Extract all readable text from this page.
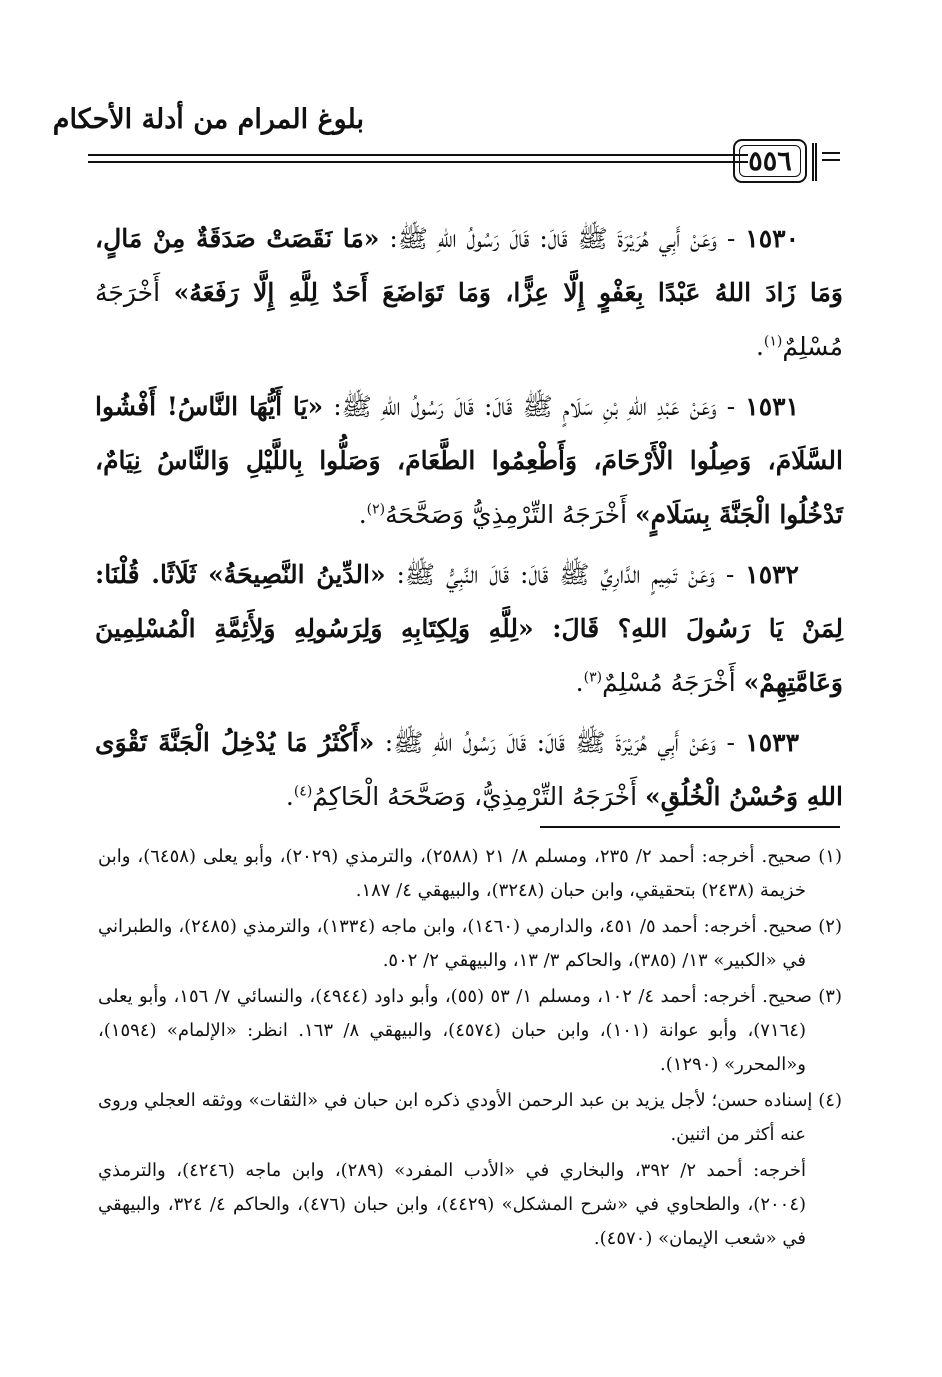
بلوغ المرام من أدلة الأحكام
٥٥٦

١٥٣٠ - وَعَنْ أَبِي هُرَيْرَةَ ﷺ قَالَ: قَالَ رَسُولُ اللهِ ﷺ: «مَا نَقَصَتْ صَدَقَةٌ مِنْ مَالٍ، وَمَا زَادَ اللهُ عَبْدًا بِعَفْوٍ إِلَّا عِزًّا، وَمَا تَوَاضَعَ أَحَدٌ لِلَّهِ إِلَّا رَفَعَهُ» أَخْرَجَهُ مُسْلِمٌ$^{(١)}$.

١٥٣١ - وَعَنْ عَبْدِ اللهِ بْنِ سَلَامٍ ﷺ قَالَ: قَالَ رَسُولُ اللهِ ﷺ: «يَا أَيُّهَا النَّاسُ! أَفْشُوا السَّلَامَ، وَصِلُوا الْأَرْحَامَ، وَأَطْعِمُوا الطَّعَامَ، وَصَلُّوا بِاللَّيْلِ وَالنَّاسُ نِيَامٌ، تَدْخُلُوا الْجَنَّةَ بِسَلَامٍ» أَخْرَجَهُ التِّرْمِذِيُّ وَصَحَّحَهُ$^{(٢)}$.

١٥٣٢ - وَعَنْ تَمِيمٍ الدَّارِيِّ ﷺ قَالَ: قَالَ النَّبِيُّ ﷺ: «الدِّينُ النَّصِيحَةُ» ثَلَاثًا. قُلْنَا: لِمَنْ يَا رَسُولَ اللهِ؟ قَالَ: «لِلَّهِ وَلِكِتَابِهِ وَلِرَسُولِهِ وَلِأَئِمَّةِ الْمُسْلِمِينَ وَعَامَّتِهِمْ» أَخْرَجَهُ مُسْلِمٌ$^{(٣)}$.

١٥٣٣ - وَعَنْ أَبِي هُرَيْرَةَ ﷺ قَالَ: قَالَ رَسُولُ اللهِ ﷺ: «أَكْثَرُ مَا يُدْخِلُ الْجَنَّةَ تَقْوَى اللهِ وَحُسْنُ الْخُلُقِ» أَخْرَجَهُ التِّرْمِذِيُّ، وَصَحَّحَهُ الْحَاكِمُ$^{(٤)}$.

(١) صحيح. أخرجه: أحمد ٢/ ٢٣٥، ومسلم ٨/ ٢١ (٢٥٨٨)، والترمذي (٢٠٢٩)، وأبو يعلى (٦٤٥٨)، وابن خزيمة (٢٤٣٨) بتحقيقي، وابن حبان (٣٢٤٨)، والبيهقي ٤/ ١٨٧.

(٢) صحيح. أخرجه: أحمد ٥/ ٤٥١، والدارمي (١٤٦٠)، وابن ماجه (١٣٣٤)، والترمذي (٢٤٨٥)، والطبراني في «الكبير» ١٣/ (٣٨٥)، والحاكم ٣/ ١٣، والبيهقي ٢/ ٥٠٢.

(٣) صحيح. أخرجه: أحمد ٤/ ١٠٢، ومسلم ١/ ٥٣ (٥٥)، وأبو داود (٤٩٤٤)، والنسائي ٧/ ١٥٦، وأبو يعلى (٧١٦٤)، وأبو عوانة (١٠١)، وابن حبان (٤٥٧٤)، والبيهقي ٨/ ١٦٣. انظر: «الإلمام» (١٥٩٤)، و«المحرر» (١٢٩٠).

(٤) إسناده حسن؛ لأجل يزيد بن عبد الرحمن الأودي ذكره ابن حبان في «الثقات» ووثقه العجلي وروى عنه أكثر من اثنين.

أخرجه: أحمد ٢/ ٣٩٢، والبخاري في «الأدب المفرد» (٢٨٩)، وابن ماجه (٤٢٤٦)، والترمذي (٢٠٠٤)، والطحاوي في «شرح المشكل» (٤٤٢٩)، وابن حبان (٤٧٦)، والحاكم ٤/ ٣٢٤، والبيهقي في «شعب الإيمان» (٤٥٧٠).
